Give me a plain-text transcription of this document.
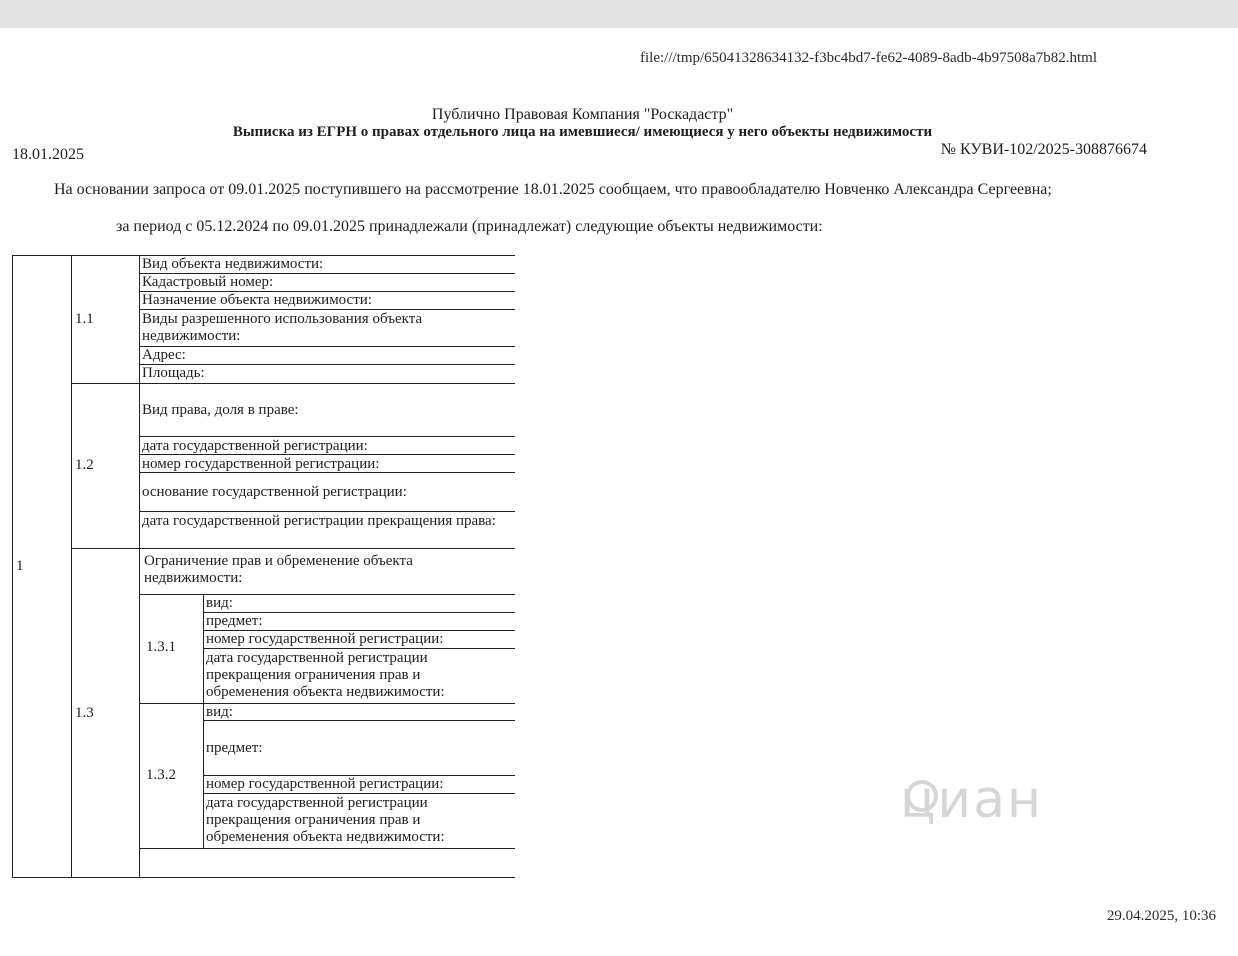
file:///tmp/65041328634132-f3bc4bd7-fe62-4089-8adb-4b97508a7b82.html
Публично Правовая Компания "Роскадастр"
Выписка из ЕГРН о правах отдельного лица на имевшиеся/ имеющиеся у него объекты недвижимости
18.01.2025	№ КУВИ-102/2025-308876674
На основании запроса от 09.01.2025 поступившего на рассмотрение 18.01.2025 сообщаем, что правообладателю Новченко Александра Сергеевна;
за период с 05.12.2024 по 09.01.2025 принадлежали (принадлежат) следующие объекты недвижимости:
1
1.1
Вид объекта недвижимости:
Кадастровый номер:
Назначение объекта недвижимости:
Виды разрешенного использования объекта недвижимости:
Адрес:
Площадь:
1.2
Вид права, доля в праве:
дата государственной регистрации:
номер государственной регистрации:
основание государственной регистрации:
дата государственной регистрации прекращения права:
1.3
Ограничение прав и обременение объекта недвижимости:
1.3.1
вид:
предмет:
номер государственной регистрации:
дата государственной регистрации прекращения ограничения прав и обременения объекта недвижимости:
1.3.2
вид:
предмет:
номер государственной регистрации:
дата государственной регистрации прекращения ограничения прав и обременения объекта недвижимости:
циан
29.04.2025, 10:36
